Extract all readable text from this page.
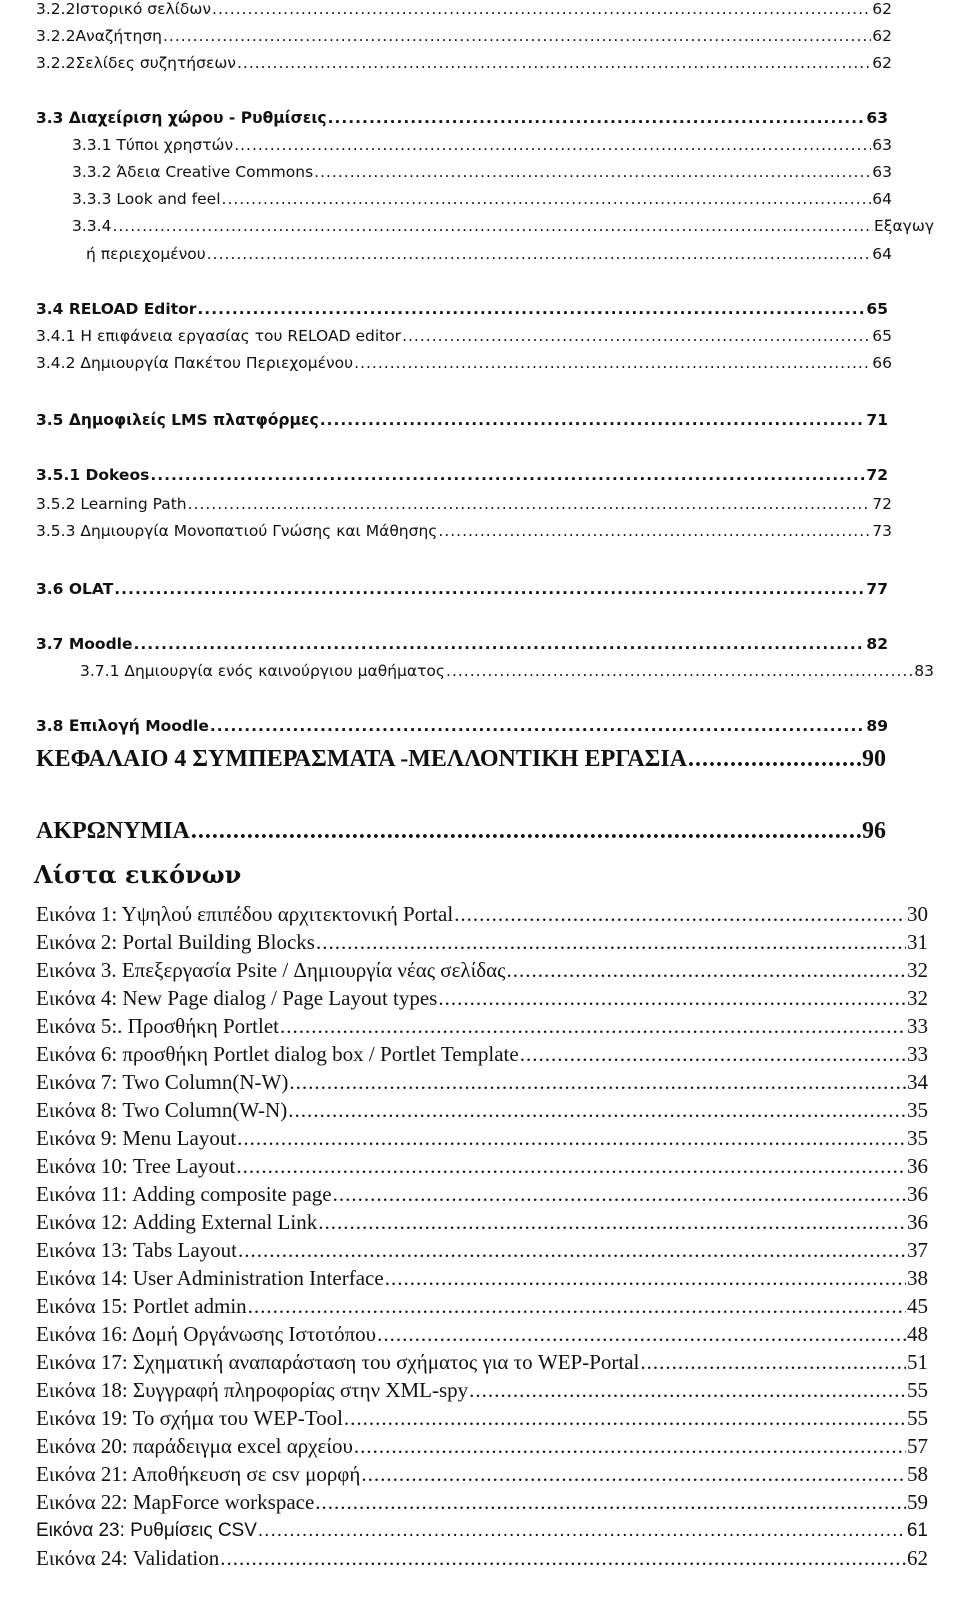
3.2.2Ιστορικό σελίδων .....	62
3.2.2Αναζήτηση .....	62
3.2.2Σελίδες συζητήσεων .....	62
3.3 Διαχείριση χώρου - Ρυθμίσεις .....	63
3.3.1 Τύποι χρηστών .....	63
3.3.2 Άδεια Creative Commons .....	63
3.3.3 Look and feel .....	64
3.3.4 .....	Εξαγωγ
ή περιεχομένου .....	64
3.4 RELOAD Editor .....	65
3.4.1 Η επιφάνεια εργασίας του RELOAD editor .....	65
3.4.2 Δημιουργία Πακέτου Περιεχομένου .....	66
3.5 Δημοφιλείς LMS πλατφόρμες .....	71
3.5.1 Dokeos .....	72
3.5.2 Learning Path .....	72
3.5.3 Δημιουργία Μονοπατιού Γνώσης και Μάθησης .....	73
3.6 OLAT .....	77
3.7 Moodle .....	82
3.7.1 Δημιουργία ενός καινούργιου μαθήματος .....	83
3.8 Επιλογή Moodle .....	89
ΚΕΦΑΛΑΙΟ 4 ΣΥΜΠΕΡΑΣΜΑΤΑ -ΜΕΛΛΟΝΤΙΚΗ ΕΡΓΑΣΙΑ .....	90
ΑΚΡΩΝΥΜΙΑ .....	96
Λίστα εικόνων
Εικόνα 1: Υψηλού επιπέδου αρχιτεκτονική Portal .....	30
Εικόνα 2: Portal Building Blocks .....	31
Εικόνα 3. Επεξεργασία Psite / Δημιουργία νέας σελίδας .....	32
Εικόνα 4: New Page dialog / Page Layout types .....	32
Εικόνα 5:. Προσθήκη Portlet .....	33
Εικόνα 6: προσθήκη Portlet dialog box / Portlet Template .....	33
Εικόνα 7: Two Column(N-W) .....	34
Εικόνα 8: Two Column(W-N) .....	35
Εικόνα 9: Menu Layout .....	35
Εικόνα 10: Tree Layout .....	36
Εικόνα 11: Adding composite page .....	36
Εικόνα 12: Adding External Link .....	36
Εικόνα 13: Tabs Layout .....	37
Εικόνα 14: User Administration Interface .....	38
Εικόνα 15: Portlet admin .....	45
Εικόνα 16: Δομή Οργάνωσης Ιστοτόπου .....	48
Εικόνα 17: Σχηματική αναπαράσταση του σχήματος για το WEP-Portal .....	51
Εικόνα 18: Συγγραφή πληροφορίας στην XML-spy .....	55
Εικόνα 19: Το σχήμα του WEP-Tool .....	55
Εικόνα 20: παράδειγμα excel αρχείου .....	57
Εικόνα 21: Αποθήκευση σε csv μορφή .....	58
Εικόνα 22: MapForce workspace .....	59
Εικόνα 23: Ρυθμίσεις CSV .....	61
Εικόνα 24: Validation .....	62
